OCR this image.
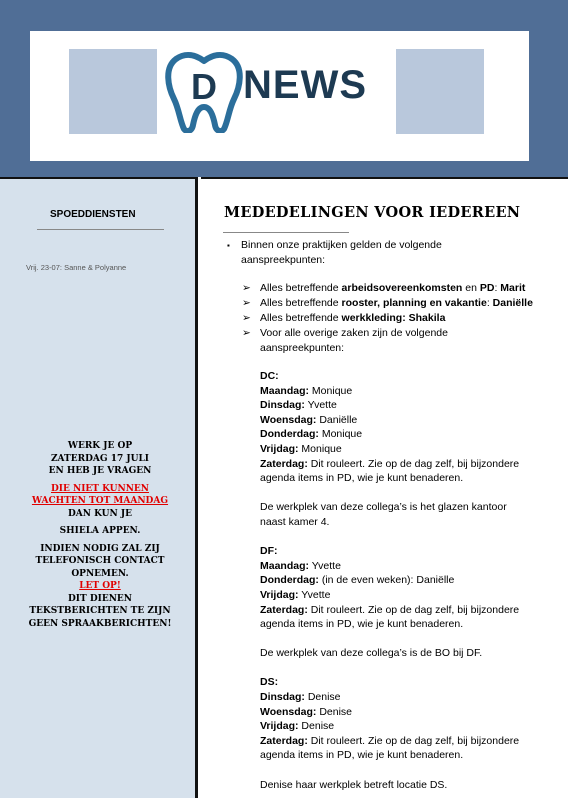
D NEWS
SPOEDDIENSTEN
Vrij. 23-07: Sanne & Polyanne
WERK JE OP
ZATERDAG 17 JULI
EN HEB JE VRAGEN
DIE NIET KUNNEN
WACHTEN TOT MAANDAG
DAN KUN JE
SHIELA APPEN.
INDIEN NODIG ZAL ZIJ
TELEFONISCH CONTACT
OPNEMEN.
LET OP!
DIT DIENEN
TEKSTBERICHTEN TE ZIJN
GEEN SPRAAKBERICHTEN!
MEDEDELINGEN VOOR IEDEREEN
▪ Binnen onze praktijken gelden de volgende
aanspreekpunten:
➢ Alles betreffende arbeidsovereenkomsten en PD: Marit
➢ Alles betreffende rooster, planning en vakantie: Daniëlle
➢ Alles betreffende werkkleding: Shakila
➢ Voor alle overige zaken zijn de volgende
aanspreekpunten:
DC:
Maandag: Monique
Dinsdag: Yvette
Woensdag: Daniëlle
Donderdag: Monique
Vrijdag: Monique
Zaterdag: Dit rouleert. Zie op de dag zelf, bij bijzondere
agenda items in PD, wie je kunt benaderen.
De werkplek van deze collega’s is het glazen kantoor
naast kamer 4.
DF:
Maandag: Yvette
Donderdag: (in de even weken): Daniëlle
Vrijdag: Yvette
Zaterdag: Dit rouleert. Zie op de dag zelf, bij bijzondere
agenda items in PD, wie je kunt benaderen.
De werkplek van deze collega’s is de BO bij DF.
DS:
Dinsdag: Denise
Woensdag: Denise
Vrijdag: Denise
Zaterdag: Dit rouleert. Zie op de dag zelf, bij bijzondere
agenda items in PD, wie je kunt benaderen.
Denise haar werkplek betreft locatie DS.
